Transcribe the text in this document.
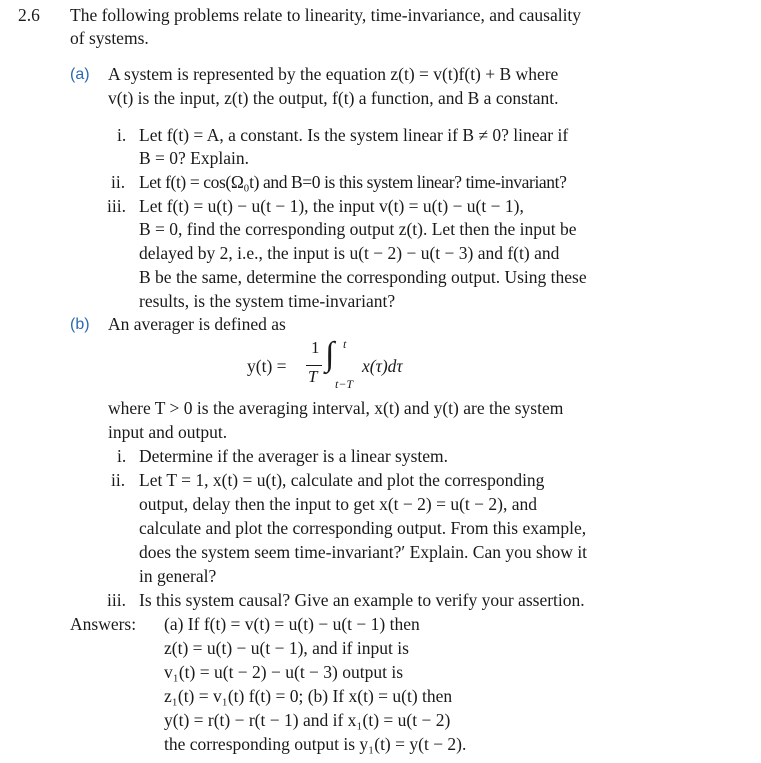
2.6 The following problems relate to linearity, time-invariance, and causality
of systems.
(a) A system is represented by the equation z(t) = v(t)f(t) + B where
v(t) is the input, z(t) the output, f(t) a function, and B a constant.
i. Let f(t) = A, a constant. Is the system linear if B ≠ 0? linear if
B = 0? Explain.
ii. Let f(t) = cos(Ω₀t) and B=0 is this system linear? time-invariant?
iii. Let f(t) = u(t) − u(t − 1), the input v(t) = u(t) − u(t − 1),
B = 0, find the corresponding output z(t). Let then the input be
delayed by 2, i.e., the input is u(t − 2) − u(t − 3) and f(t) and
B be the same, determine the corresponding output. Using these
results, is the system time-invariant?
(b) An averager is defined as
y(t) =
1
T
∫ t
t−T
x(τ)dτ
where T > 0 is the averaging interval, x(t) and y(t) are the system
input and output.
i. Determine if the averager is a linear system.
ii. Let T = 1, x(t) = u(t), calculate and plot the corresponding
output, delay then the input to get x(t − 2) = u(t − 2), and
calculate and plot the corresponding output. From this example,
does the system seem time-invariant?′ Explain. Can you show it
in general?
iii. Is this system causal? Give an example to verify your assertion.
Answers: (a) If f(t) = v(t) = u(t) − u(t − 1) then
z(t) = u(t) − u(t − 1), and if input is
v₁(t) = u(t − 2) − u(t − 3) output is
z₁(t) = v₁(t) f(t) = 0; (b) If x(t) = u(t) then
y(t) = r(t) − r(t − 1) and if x₁(t) = u(t − 2)
the corresponding output is y₁(t) = y(t − 2).
